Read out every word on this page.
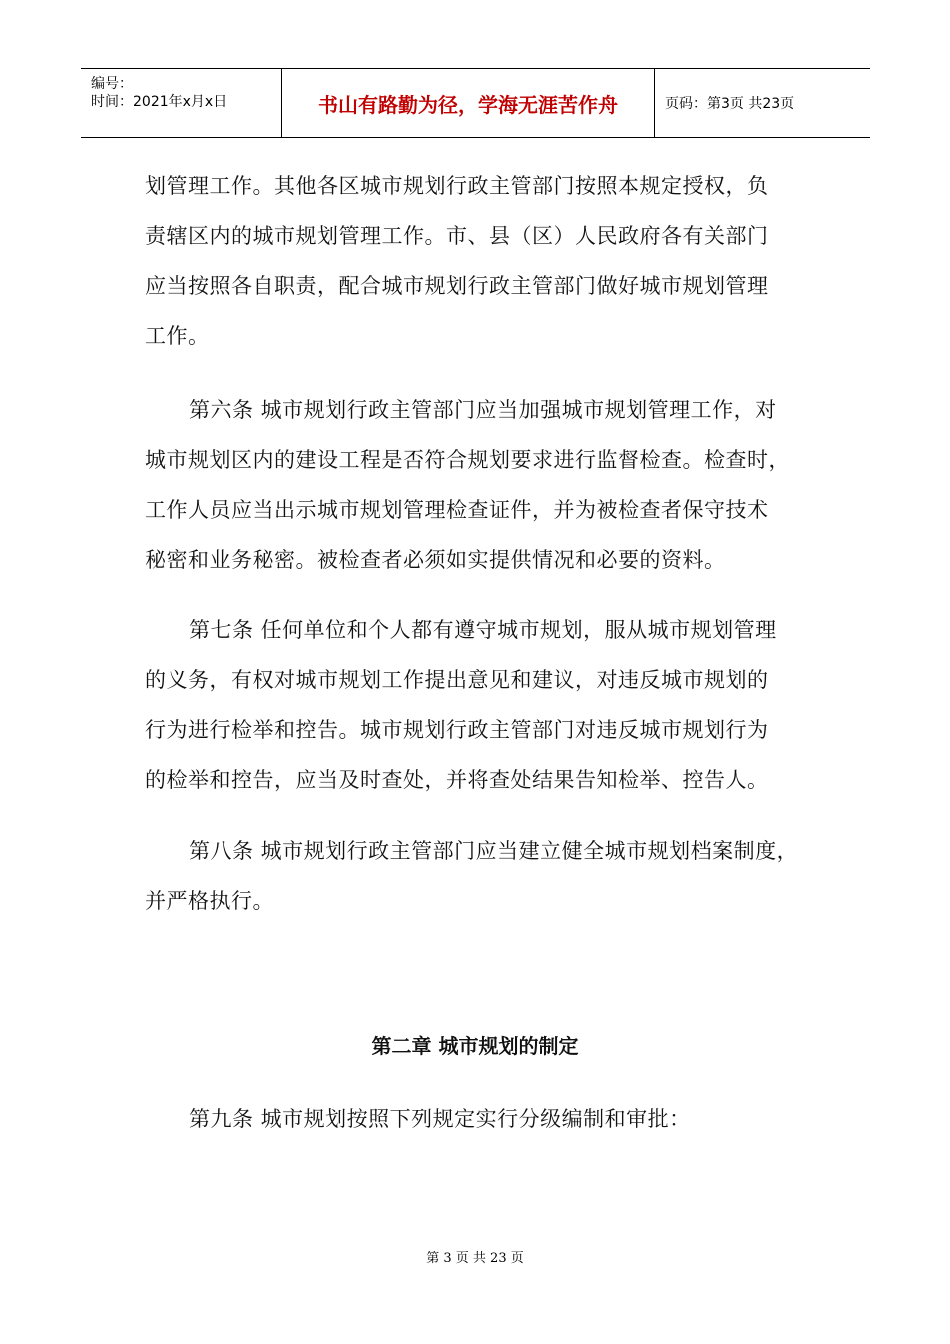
编号：
时间：2021年x月x日	书山有路勤为径，学海无涯苦作舟	页码：第3页 共23页
划管理工作。其他各区城市规划行政主管部门按照本规定授权，负
责辖区内的城市规划管理工作。市、县（区）人民政府各有关部门
应当按照各自职责，配合城市规划行政主管部门做好城市规划管理
工作。
第六条 城市规划行政主管部门应当加强城市规划管理工作，对
城市规划区内的建设工程是否符合规划要求进行监督检查。检查时，
工作人员应当出示城市规划管理检查证件，并为被检查者保守技术
秘密和业务秘密。被检查者必须如实提供情况和必要的资料。
第七条 任何单位和个人都有遵守城市规划，服从城市规划管理
的义务，有权对城市规划工作提出意见和建议，对违反城市规划的
行为进行检举和控告。城市规划行政主管部门对违反城市规划行为
的检举和控告，应当及时查处，并将查处结果告知检举、控告人。
第八条 城市规划行政主管部门应当建立健全城市规划档案制度，
并严格执行。
第九条 城市规划按照下列规定实行分级编制和审批：
第二章 城市规划的制定
第 3 页 共 23 页
